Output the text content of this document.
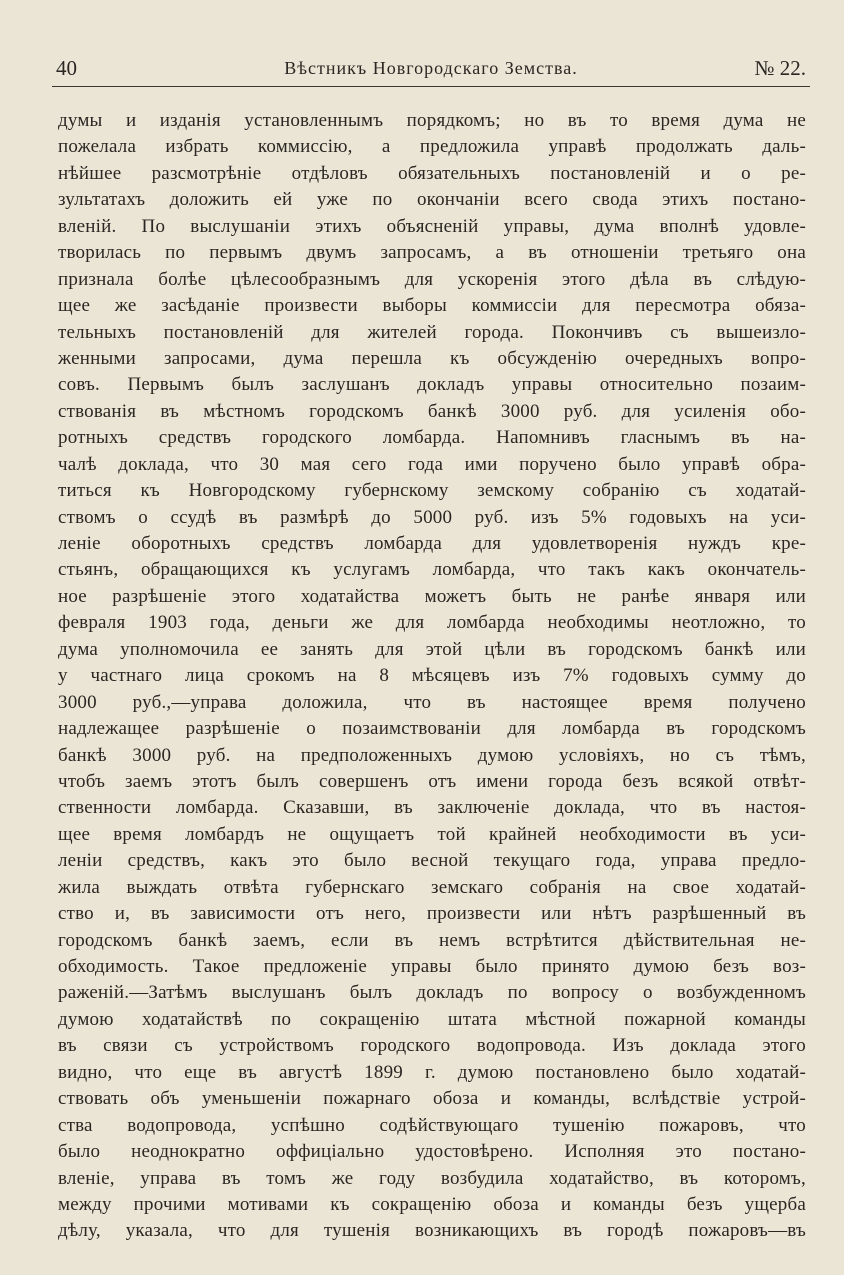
40	Вѣстникъ Новгородскаго Земства.	№ 22.
думы и изданія установленнымъ порядкомъ; но въ то время дума не
пожелала избрать коммиссію, а предложила управѣ продолжать даль-
нѣйшее разсмотрѣніе отдѣловъ обязательныхъ постановленій и о ре-
зультатахъ доложить ей уже по окончаніи всего свода этихъ постано-
вленій. По выслушаніи этихъ объясненій управы, дума вполнѣ удовле-
творилась по первымъ двумъ запросамъ, а въ отношеніи третьяго она
признала болѣе цѣлесообразнымъ для ускоренія этого дѣла въ слѣдую-
щее же засѣданіе произвести выборы коммиссіи для пересмотра обяза-
тельныхъ постановленій для жителей города. Покончивъ съ вышеизло-
женными запросами, дума перешла къ обсужденію очередныхъ вопро-
совъ. Первымъ былъ заслушанъ докладъ управы относительно позаим-
ствованія въ мѣстномъ городскомъ банкѣ 3000 руб. для усиленія обо-
ротныхъ средствъ городского ломбарда. Напомнивъ гласнымъ въ на-
чалѣ доклада, что 30 мая сего года ими поручено было управѣ обра-
титься къ Новгородскому губернскому земскому собранію съ ходатай-
ствомъ о ссудѣ въ размѣрѣ до 5000 руб. изъ 5% годовыхъ на уси-
леніе оборотныхъ средствъ ломбарда для удовлетворенія нуждъ кре-
стьянъ, обращающихся къ услугамъ ломбарда, что такъ какъ окончатель-
ное разрѣшеніе этого ходатайства можетъ быть не ранѣе января или
февраля 1903 года, деньги же для ломбарда необходимы неотложно, то
дума уполномочила ее занять для этой цѣли въ городскомъ банкѣ или
у частнаго лица срокомъ на 8 мѣсяцевъ изъ 7% годовыхъ сумму до
3000 руб.,—управа доложила, что въ настоящее время получено
надлежащее разрѣшеніе о позаимствованіи для ломбарда въ городскомъ
банкѣ 3000 руб. на предположенныхъ думою условіяхъ, но съ тѣмъ,
чтобъ заемъ этотъ былъ совершенъ отъ имени города безъ всякой отвѣт-
ственности ломбарда. Сказавши, въ заключеніе доклада, что въ настоя-
щее время ломбардъ не ощущаетъ той крайней необходимости въ уси-
леніи средствъ, какъ это было весной текущаго года, управа предло-
жила выждать отвѣта губернскаго земскаго собранія на свое ходатай-
ство и, въ зависимости отъ него, произвести или нѣтъ разрѣшенный въ
городскомъ банкѣ заемъ, если въ немъ встрѣтится дѣйствительная не-
обходимость. Такое предложеніе управы было принято думою безъ воз-
раженій.—Затѣмъ выслушанъ былъ докладъ по вопросу о возбужденномъ
думою ходатайствѣ по сокращенію штата мѣстной пожарной команды
въ связи съ устройствомъ городского водопровода. Изъ доклада этого
видно, что еще въ августѣ 1899 г. думою постановлено было ходатай-
ствовать объ уменьшеніи пожарнаго обоза и команды, вслѣдствіе устрой-
ства водопровода, успѣшно содѣйствующаго тушенію пожаровъ, что
было неоднократно оффиціально удостовѣрено. Исполняя это постано-
вленіе, управа въ томъ же году возбудила ходатайство, въ которомъ,
между прочими мотивами къ сокращенію обоза и команды безъ ущерба
дѣлу, указала, что для тушенія возникающихъ въ городѣ пожаровъ—въ
